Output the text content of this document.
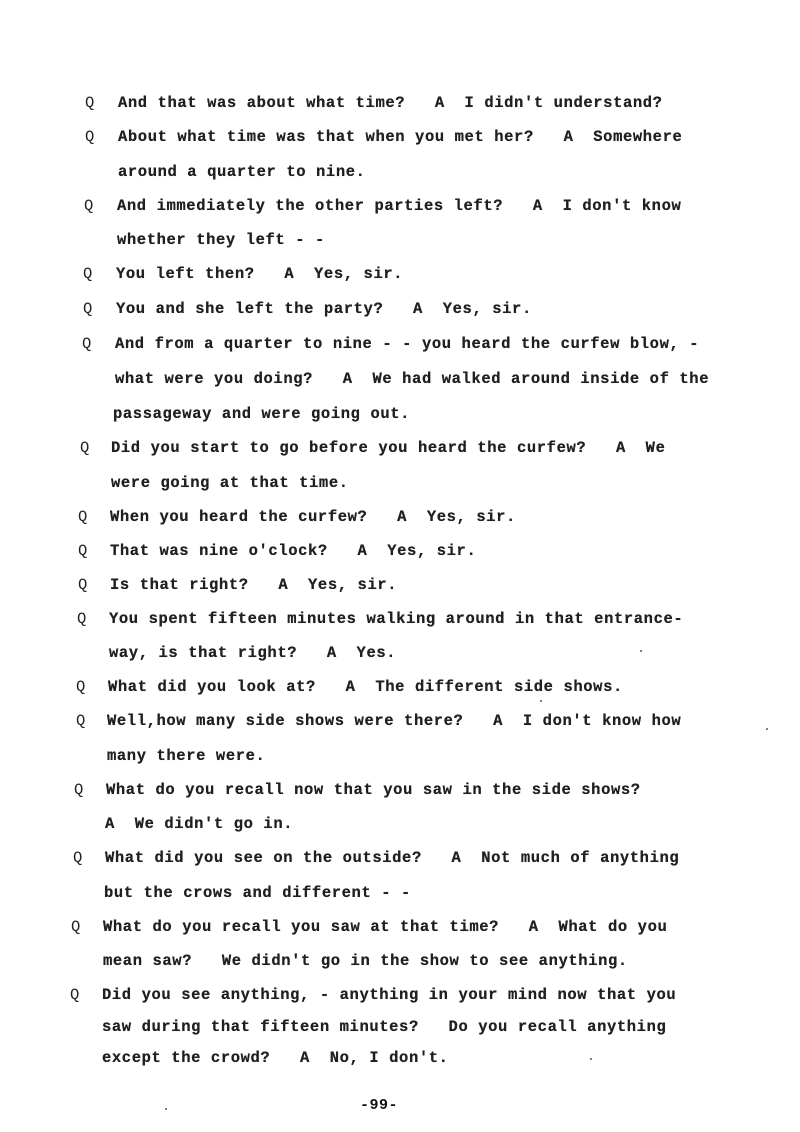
Q And that was about what time?   A  I didn't understand?
Q About what time was that when you met her?   A  Somewhere
around a quarter to nine.
Q And immediately the other parties left?   A  I don't know
whether they left - -
Q You left then?   A  Yes, sir.
Q You and she left the party?   A  Yes, sir.
Q And from a quarter to nine - - you heard the curfew blow, -
what were you doing?   A  We had walked around inside of the
passageway and were going out.
Q Did you start to go before you heard the curfew?   A  We
were going at that time.
Q When you heard the curfew?   A  Yes, sir.
Q That was nine o'clock?   A  Yes, sir.
Q Is that right?   A  Yes, sir.
Q You spent fifteen minutes walking around in that entrance-
way, is that right?   A  Yes.
Q What did you look at?   A  The different side shows.
Q Well,how many side shows were there?   A  I don't know how
many there were.
Q What do you recall now that you saw in the side shows?
A  We didn't go in.
Q What did you see on the outside?   A  Not much of anything
but the crows and different - -
Q What do you recall you saw at that time?   A  What do you
mean saw?   We didn't go in the show to see anything.
Q Did you see anything, - anything in your mind now that you
saw during that fifteen minutes?   Do you recall anything
except the crowd?   A  No, I don't.
-99-
